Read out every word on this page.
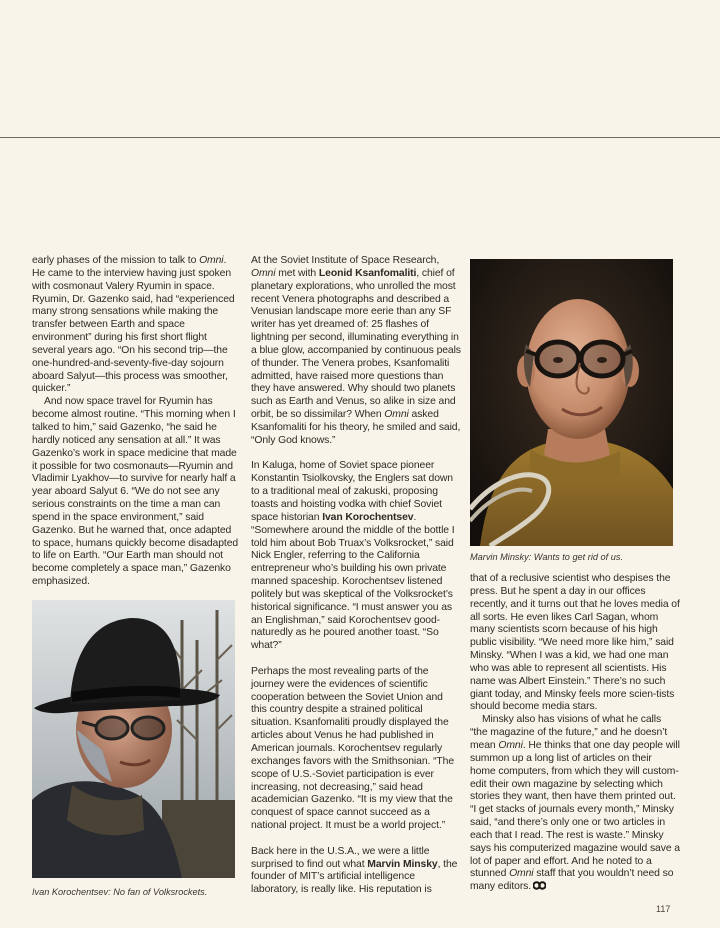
early phases of the mission to talk to Omni. He came to the interview having just spoken with cosmonaut Valery Ryumin in space. Ryumin, Dr. Gazenko said, had “experienced many strong sensations while making the transfer between Earth and space environment” during his first short flight several years ago. “On his second trip—the one-hundred-and-seventy-five-day sojourn aboard Salyut—this process was smoother, quicker.”

And now space travel for Ryumin has become almost routine. “This morning when I talked to him,” said Gazenko, “he said he hardly noticed any sensation at all.” It was Gazenko’s work in space medicine that made it possible for two cosmonauts—Ryumin and Vladimir Lyakhov—to survive for nearly half a year aboard Salyut 6. “We do not see any serious constraints on the time a man can spend in the space environment,” said Gazenko. But he warned that, once adapted to space, humans quickly become disadapted to life on Earth. “Our Earth man should not become completely a space man,” Gazenko emphasized.

At the Soviet Institute of Space Research, Omni met with Leonid Ksanfomaliti, chief of planetary explorations, who unrolled the most recent Venera photographs and described a Venusian landscape more eerie than any SF writer has yet dreamed of: 25 flashes of lightning per second, illuminating everything in a blue glow, accompanied by continuous peals of thunder. The Venera probes, Ksanfomaliti admitted, have raised more questions than they have answered. Why should two planets such as Earth and Venus, so alike in size and orbit, be so dissimilar? When Omni asked Ksanfomaliti for his theory, he smiled and said, “Only God knows.”

In Kaluga, home of Soviet space pioneer Konstantin Tsiolkovsky, the Englers sat down to a traditional meal of zakuski, proposing toasts and hoisting vodka with chief Soviet space historian Ivan Korochentsev. “Somewhere around the middle of the bottle I told him about Bob Truax’s Volksrocket,” said Nick Engler, referring to the California entrepreneur who’s building his own private manned spaceship. Korochentsev listened politely but was skeptical of the Volksrocket’s historical significance. “I must answer you as an Englishman,” said Korochentsev good-naturedly as he poured another toast. “So what?”

Perhaps the most revealing parts of the journey were the evidences of scientific cooperation between the Soviet Union and this country despite a strained political situation. Ksanfomaliti proudly displayed the articles about Venus he had published in American journals. Korochentsev regularly exchanges favors with the Smithsonian. “The scope of U.S.-Soviet participation is ever increasing, not decreasing,” said head academician Gazenko. “It is my view that the conquest of space cannot succeed as a national project. It must be a world project.”

Back here in the U.S.A., we were a little surprised to find out what Marvin Minsky, the founder of MIT’s artificial intelligence laboratory, is really like. His reputation is

Marvin Minsky: Wants to get rid of us.

that of a reclusive scientist who despises the press. But he spent a day in our offices recently, and it turns out that he loves media of all sorts. He even likes Carl Sagan, whom many scientists scorn because of his high public visibility. “We need more like him,” said Minsky. “When I was a kid, we had one man who was able to represent all scientists. His name was Albert Einstein.” There’s no such giant today, and Minsky feels more scien-tists should become media stars.

Minsky also has visions of what he calls “the magazine of the future,” and he doesn’t mean Omni. He thinks that one day people will summon up a long list of articles on their home computers, from which they will custom-edit their own magazine by selecting which stories they want, then have them printed out. “I get stacks of journals every month,” Minsky said, “and there’s only one or two articles in each that I read. The rest is waste.” Minsky says his computerized magazine would save a lot of paper and effort. And he noted to a stunned Omni staff that you wouldn’t need so many editors.

Ivan Korochentsev: No fan of Volksrockets.
117
